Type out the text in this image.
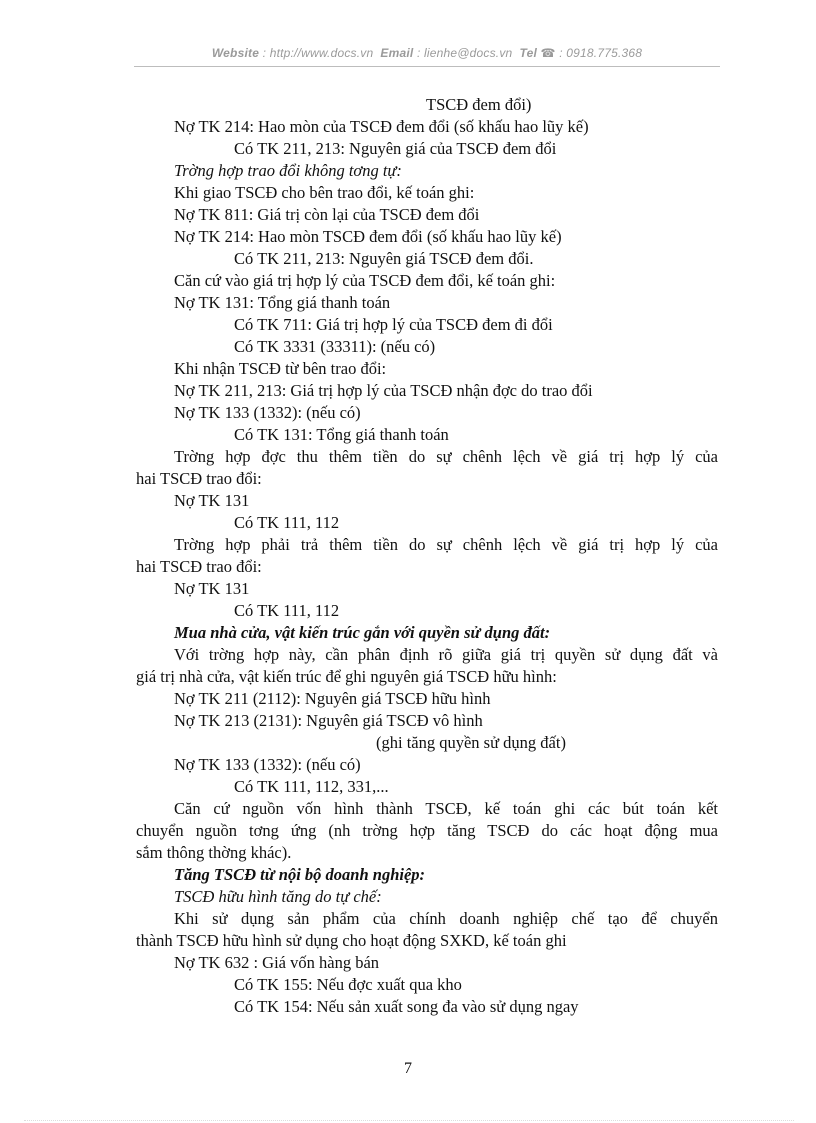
Website : http://www.docs.vn Email : lienhe@docs.vn Tel ☎ : 0918.775.368
TSCĐ đem đổi)
Nợ TK 214: Hao mòn của TSCĐ đem đổi (số khấu hao lũy kế)
Có TK 211, 213: Nguyên giá của TSCĐ đem đổi
Trờng hợp trao đổi không tơng tự:
Khi giao TSCĐ cho bên trao đổi, kế toán ghi:
Nợ TK 811: Giá trị còn lại của TSCĐ đem đổi
Nợ TK 214: Hao mòn TSCĐ đem đổi (số khấu hao lũy kế)
Có TK 211, 213: Nguyên giá TSCĐ đem đổi.
Căn cứ vào giá trị hợp lý của TSCĐ đem đổi, kế toán ghi:
Nợ TK 131: Tổng giá thanh toán
Có TK 711: Giá trị hợp lý của TSCĐ đem đi đổi
Có TK 3331 (33311): (nếu có)
Khi nhận TSCĐ từ bên trao đổi:
Nợ TK 211, 213: Giá trị hợp lý của TSCĐ nhận đợc do trao đổi
Nợ TK 133 (1332): (nếu có)
Có TK 131: Tổng giá thanh toán
Trờng hợp đợc thu thêm tiền do sự chênh lệch về giá trị hợp lý của
hai TSCĐ trao đổi:
Nợ TK 131
Có TK 111, 112
Trờng hợp phải trả thêm tiền do sự chênh lệch về giá trị hợp lý của
hai TSCĐ trao đổi:
Nợ TK 131
Có TK 111, 112
Mua nhà cửa, vật kiến trúc gắn với quyền sử dụng đất:
Với trờng hợp này, cần phân định rõ giữa giá trị quyền sử dụng đất và
giá trị nhà cửa, vật kiến trúc để ghi nguyên giá TSCĐ hữu hình:
Nợ TK 211 (2112): Nguyên giá TSCĐ hữu hình
Nợ TK 213 (2131): Nguyên giá TSCĐ vô hình
(ghi tăng quyền sử dụng đất)
Nợ TK 133 (1332): (nếu có)
Có TK 111, 112, 331,...
Căn cứ nguồn vốn hình thành TSCĐ, kế toán ghi các bút toán kết
chuyển nguồn tơng ứng (nh trờng hợp tăng TSCĐ do các hoạt động mua
sắm thông thờng khác).
Tăng TSCĐ từ nội bộ doanh nghiệp:
TSCĐ hữu hình tăng do tự chế:
Khi sử dụng sản phẩm của chính doanh nghiệp chế tạo để chuyển
thành TSCĐ hữu hình sử dụng cho hoạt động SXKD, kế toán ghi
Nợ TK 632 : Giá vốn hàng bán
Có TK 155: Nếu đợc xuất qua kho
Có TK 154: Nếu sản xuất song đa vào sử dụng ngay
7
